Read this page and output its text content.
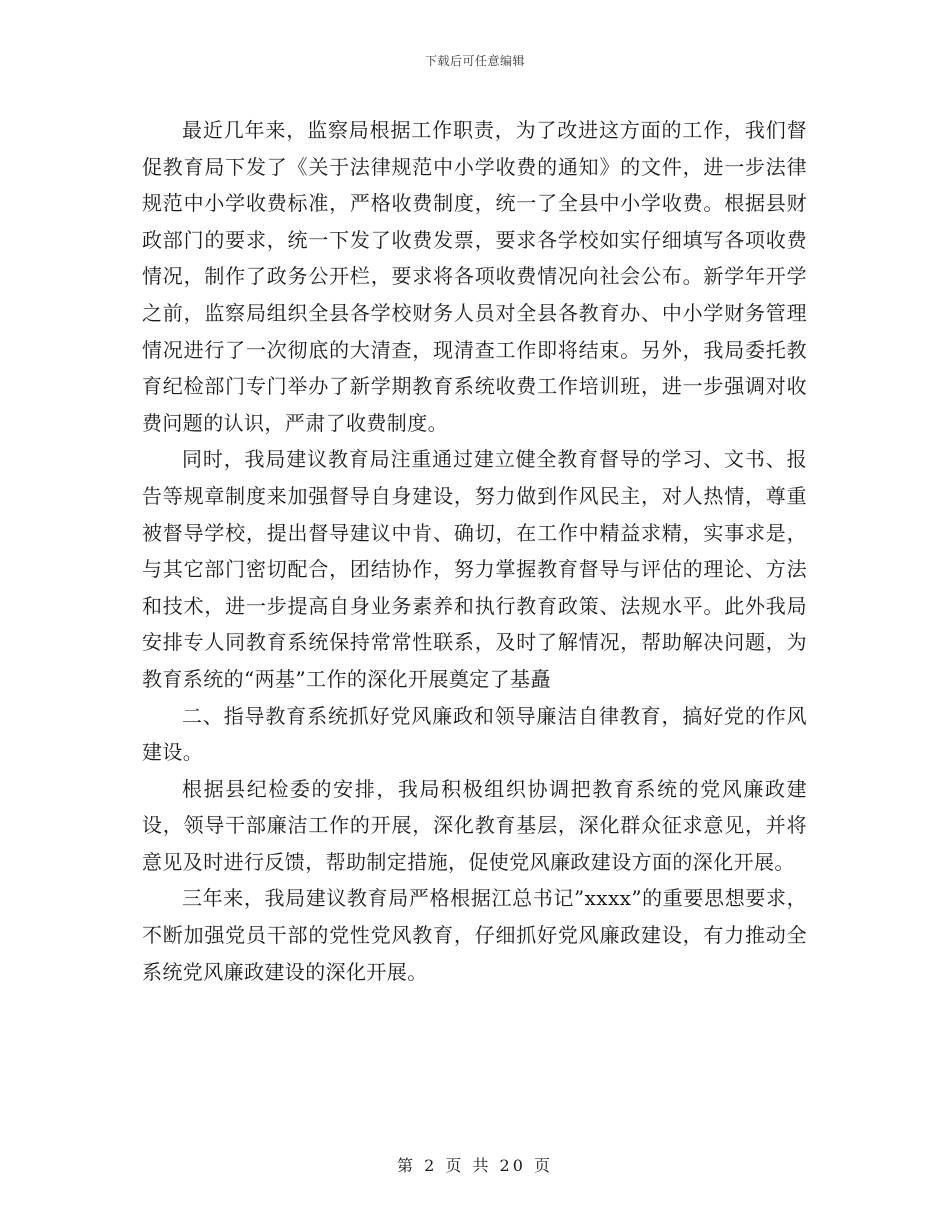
下载后可任意编辑

最近几年来，监察局根据工作职责，为了改进这方面的工作，我们督促教育局下发了《关于法律规范中小学收费的通知》的文件，进一步法律规范中小学收费标准，严格收费制度，统一了全县中小学收费。根据县财政部门的要求，统一下发了收费发票，要求各学校如实仔细填写各项收费情况，制作了政务公开栏，要求将各项收费情况向社会公布。新学年开学之前，监察局组织全县各学校财务人员对全县各教育办、中小学财务管理情况进行了一次彻底的大清查，现清查工作即将结束。另外，我局委托教育纪检部门专门举办了新学期教育系统收费工作培训班，进一步强调对收费问题的认识，严肃了收费制度。

同时，我局建议教育局注重通过建立健全教育督导的学习、文书、报告等规章制度来加强督导自身建设，努力做到作风民主，对人热情，尊重被督导学校，提出督导建议中肯、确切，在工作中精益求精，实事求是，与其它部门密切配合，团结协作，努力掌握教育督导与评估的理论、方法和技术，进一步提高自身业务素养和执行教育政策、法规水平。此外我局安排专人同教育系统保持常常性联系，及时了解情况，帮助解决问题，为教育系统的“两基”工作的深化开展奠定了基矗

二、指导教育系统抓好党风廉政和领导廉洁自律教育，搞好党的作风建设。

根据县纪检委的安排，我局积极组织协调把教育系统的党风廉政建设，领导干部廉洁工作的开展，深化教育基层，深化群众征求意见，并将意见及时进行反馈，帮助制定措施，促使党风廉政建设方面的深化开展。

三年来，我局建议教育局严格根据江总书记”xxxx”的重要思想要求，不断加强党员干部的党性党风教育，仔细抓好党风廉政建设，有力推动全系统党风廉政建设的深化开展。

第 2 页 共 20 页
